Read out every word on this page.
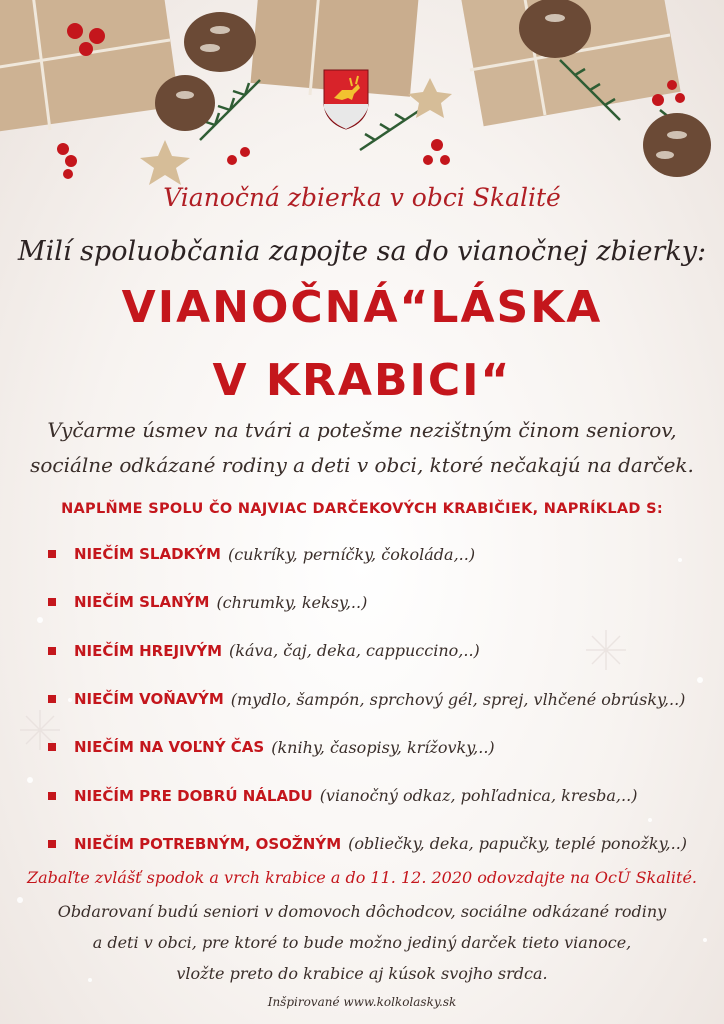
Vianočná zbierka v obci Skalité
Milí spoluobčania zapojte sa do vianočnej zbierky:
VIANOČNÁ“LÁSKA
V KRABICI“
Vyčarme úsmev na tvári a potešme nezištným činom seniorov,
sociálne odkázané rodiny a deti v obci, ktoré nečakajú na darček.
NAPLŇME SPOLU ČO NAJVIAC DARČEKOVÝCH KRABIČIEK, NAPRÍKLAD S:
NIEČÍM SLADKÝM (cukríky, perníčky, čokoláda,..)
NIEČÍM SLANÝM (chrumky, keksy,..)
NIEČÍM HREJIVÝM (káva, čaj, deka, cappuccino,..)
NIEČÍM VOŇAVÝM (mydlo, šampón, sprchový gél, sprej, vlhčené obrúsky,..)
NIEČÍM NA VOĽNÝ ČAS (knihy, časopisy, krížovky,..)
NIEČÍM PRE DOBRÚ NÁLADU (vianočný odkaz, pohľadnica, kresba,..)
NIEČÍM POTREBNÝM, OSOŽNÝM (obliečky, deka, papučky, teplé ponožky,..)
Zabaľte zvlášť spodok a vrch krabice a do 11. 12. 2020 odovzdajte na OcÚ Skalité.
Obdarovaní budú seniori v domovoch dôchodcov, sociálne odkázané rodiny
a deti v obci, pre ktoré to bude možno jediný darček tieto vianoce,
vložte preto do krabice aj kúsok svojho srdca.
Inšpirované www.kolkolasky.sk
